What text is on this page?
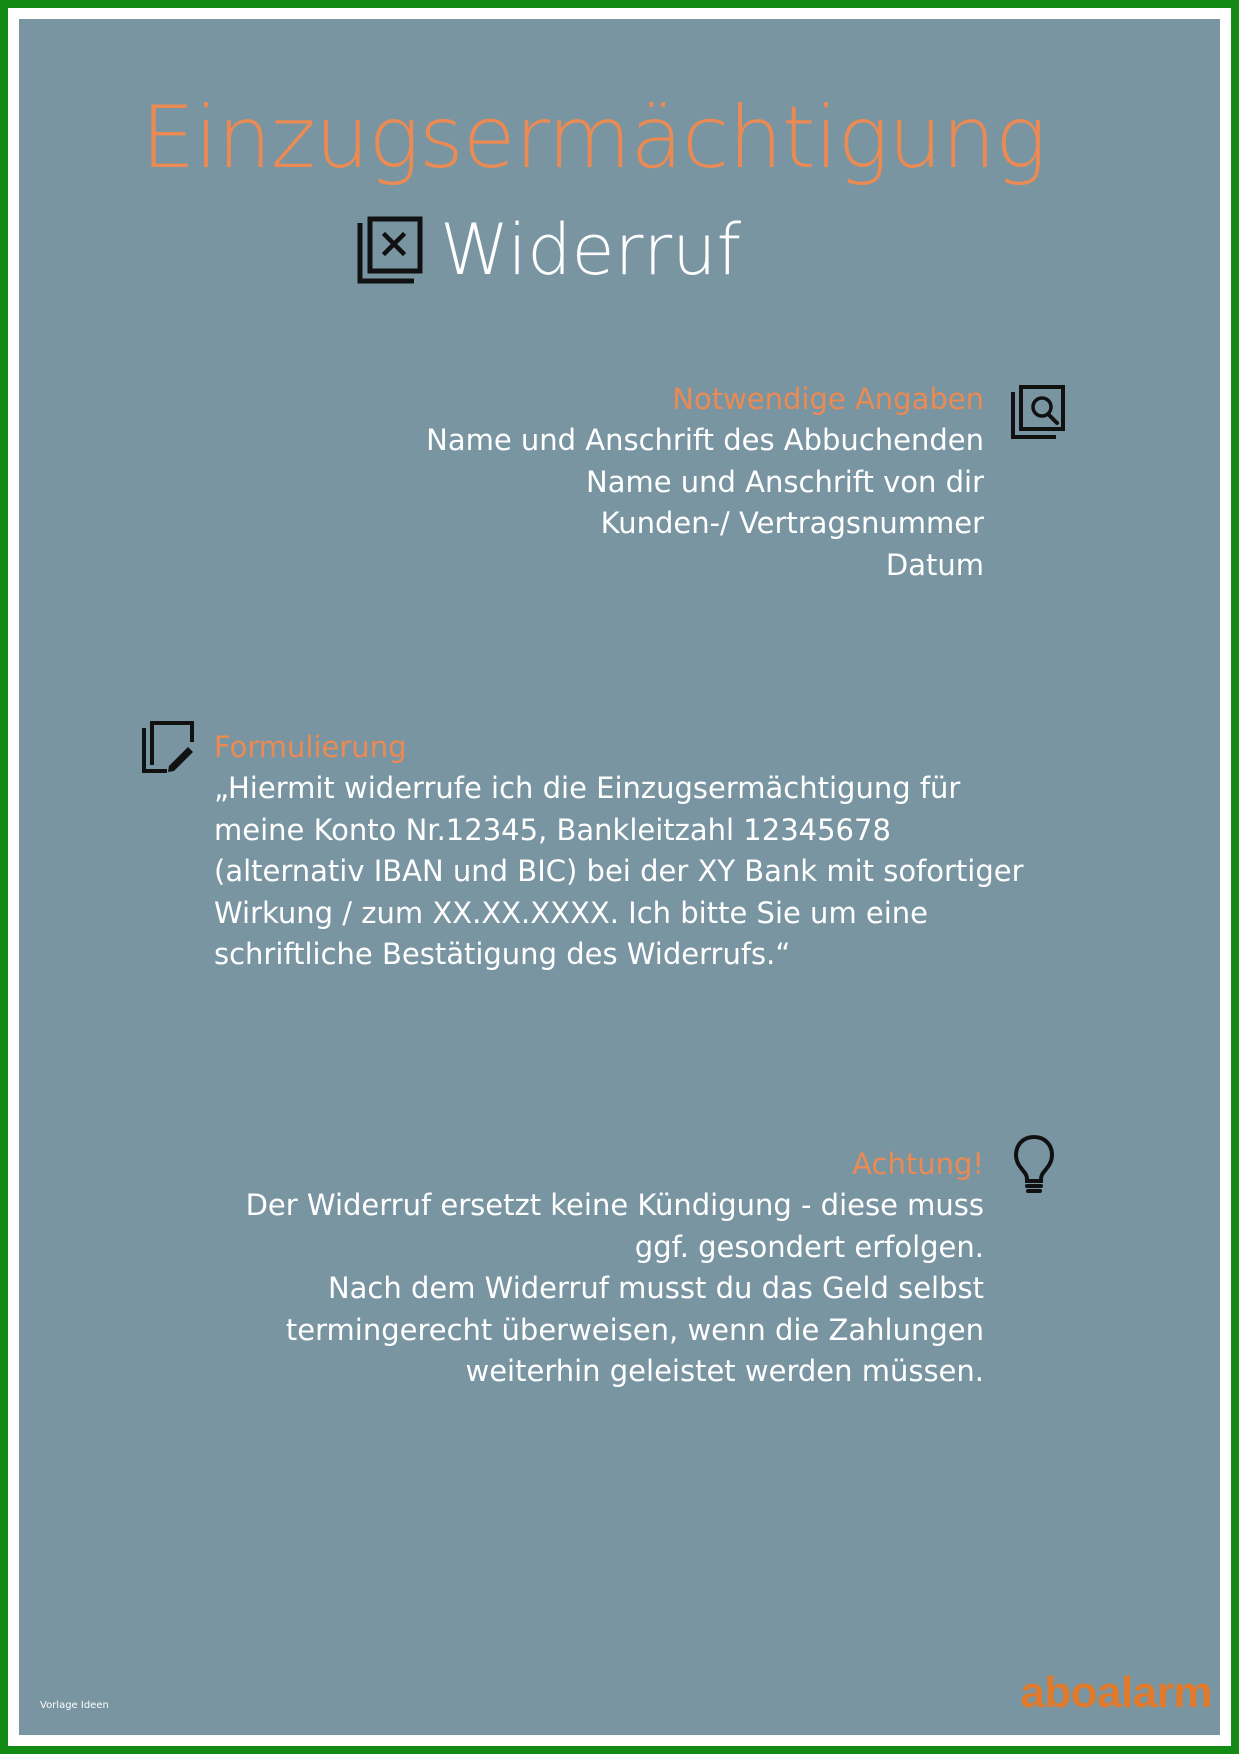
Einzugsermächtigung
Widerruf
Notwendige Angaben
Name und Anschrift des Abbuchenden
Name und Anschrift von dir
Kunden-/ Vertragsnummer
Datum
Formulierung
„Hiermit widerrufe ich die Einzugsermächtigung für
meine Konto Nr.12345, Bankleitzahl 12345678
(alternativ IBAN und BIC) bei der XY Bank mit sofortiger
Wirkung / zum XX.XX.XXXX. Ich bitte Sie um eine
schriftliche Bestätigung des Widerrufs.“
Achtung!
Der Widerruf ersetzt keine Kündigung - diese muss
ggf. gesondert erfolgen.
Nach dem Widerruf musst du das Geld selbst
termingerecht überweisen, wenn die Zahlungen
weiterhin geleistet werden müssen.
Vorlage Ideen	aboalarm
